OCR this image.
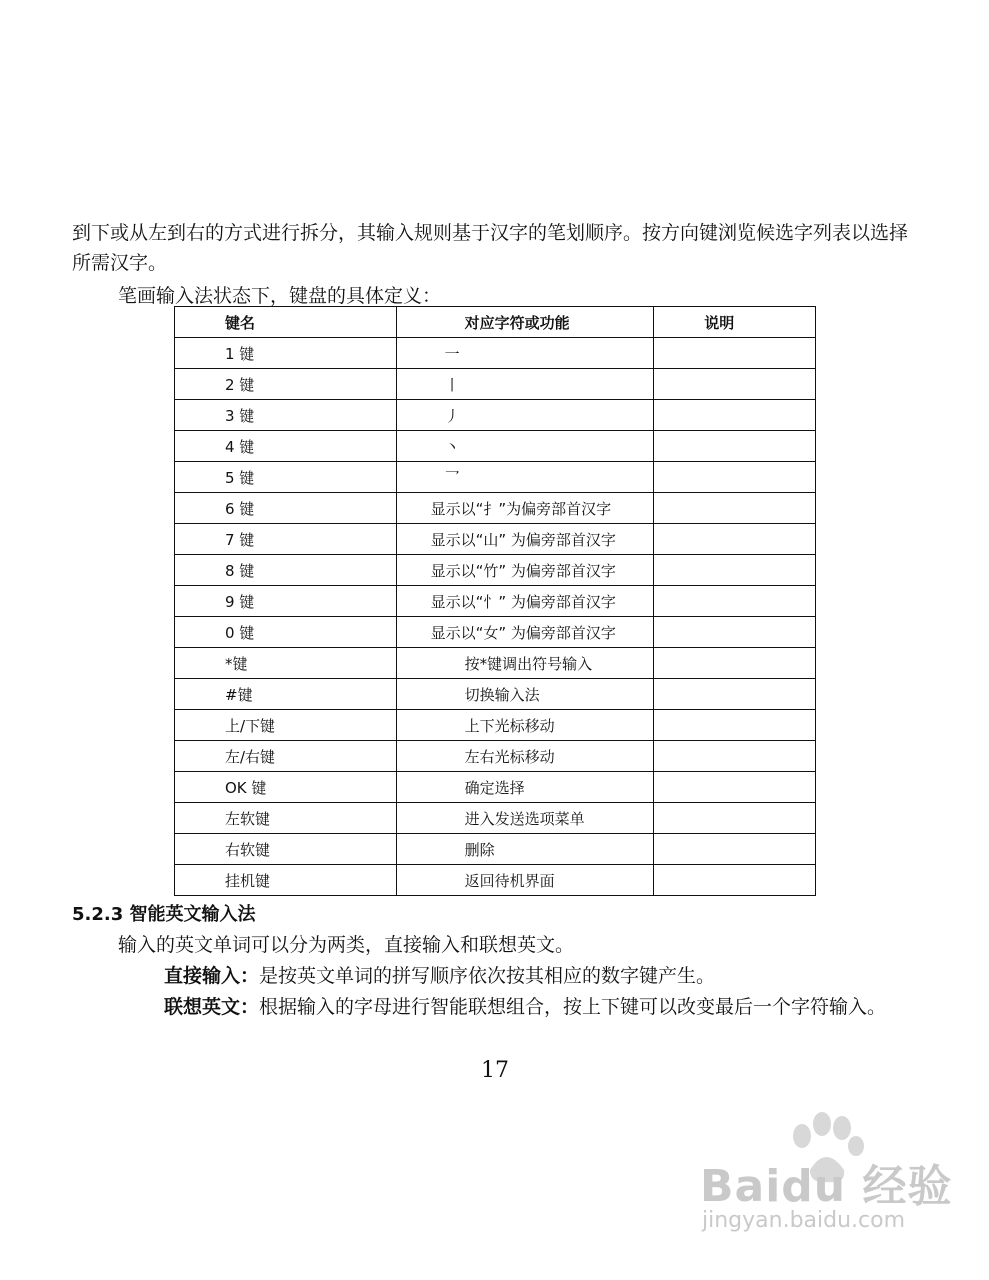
到下或从左到右的方式进行拆分，其输入规则基于汉字的笔划顺序。按方向键浏览候选字列表以选择所需汉字。

笔画输入法状态下，键盘的具体定义：

键名	对应字符或功能	说明
1 键	一	
2 键	丨	
3 键	丿	
4 键	丶	
5 键	乛	
6 键	显示以“扌”为偏旁部首汉字	
7 键	显示以“山” 为偏旁部首汉字	
8 键	显示以“竹” 为偏旁部首汉字	
9 键	显示以“忄” 为偏旁部首汉字	
0 键	显示以“女” 为偏旁部首汉字	
*键	按*键调出符号输入	
#键	切换输入法	
上/下键	上下光标移动	
左/右键	左右光标移动	
OK 键	确定选择	
左软键	进入发送选项菜单	
右软键	删除	
挂机键	返回待机界面	
5.2.3 智能英文输入法

输入的英文单词可以分为两类，直接输入和联想英文。

直接输入：是按英文单词的拼写顺序依次按其相应的数字键产生。

联想英文：根据输入的字母进行智能联想组合，按上下键可以改变最后一个字符输入。

17
Baidu 经验
jingyan.baidu.com
